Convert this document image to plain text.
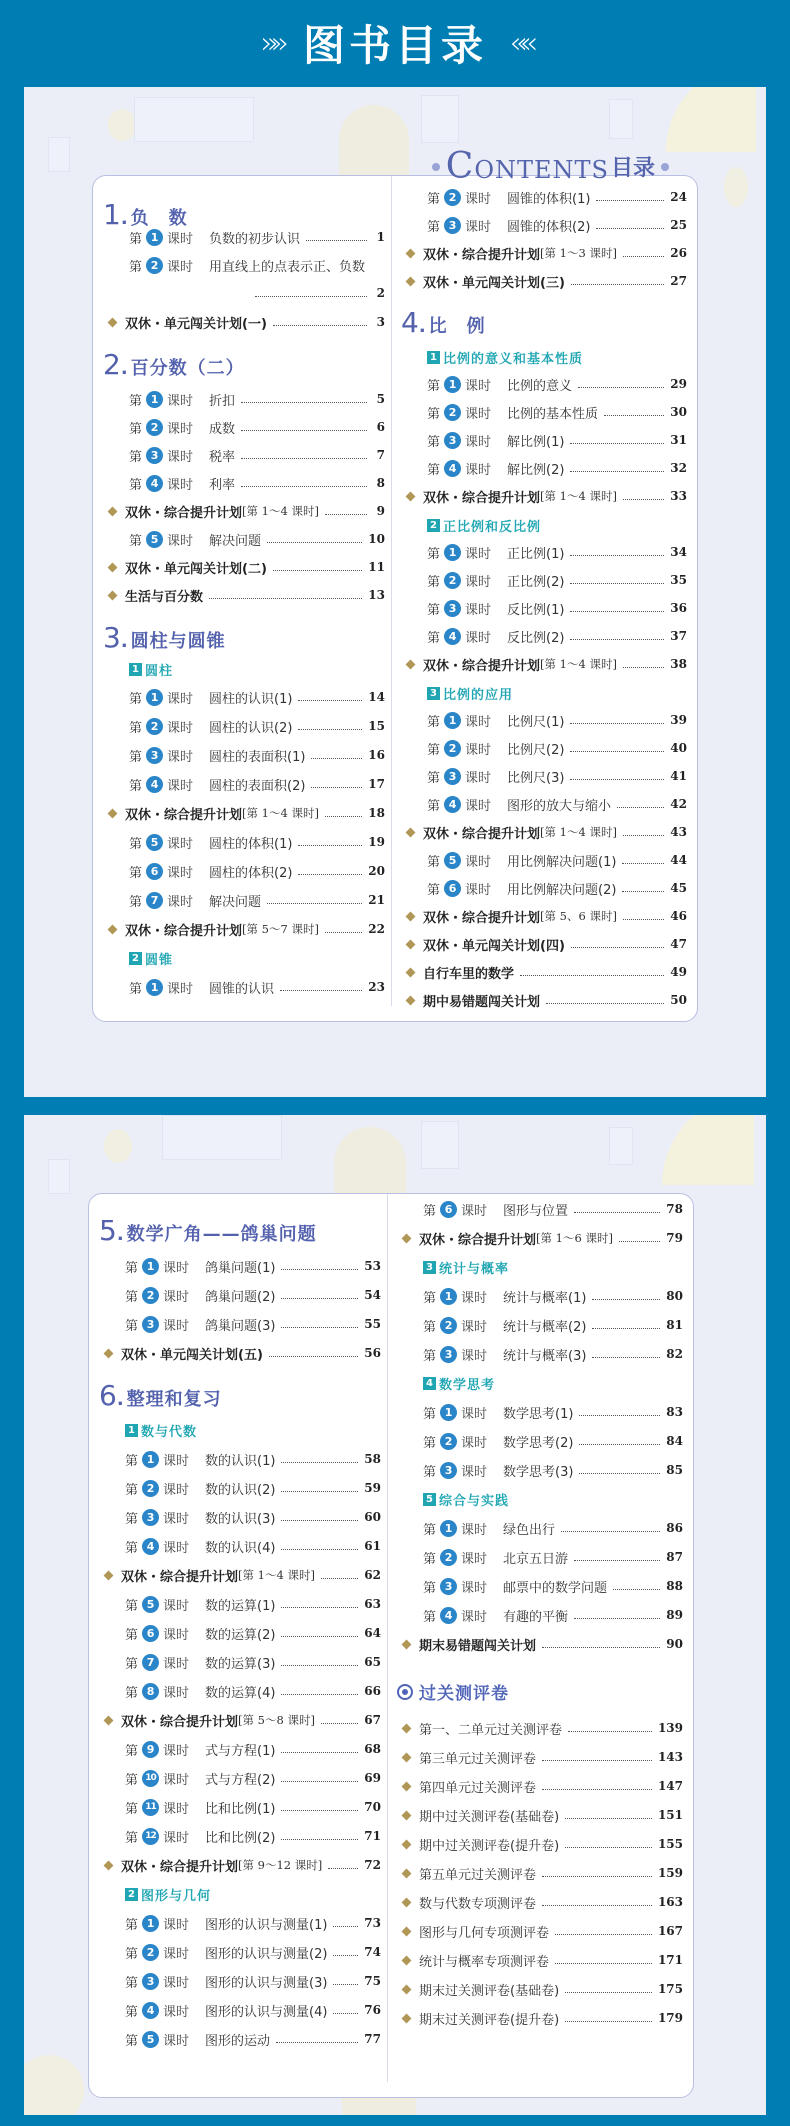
»» 图书目录 ««
CONTENTS 目录
1 . 负　数
第 1 课时 负数的初步认识	1
第 2 课时 用直线上的点表示正、负数
2
双休・单元闯关计划(一)	3
2 . 百分数（二）
第 1 课时 折扣	5
第 2 课时 成数	6
第 3 课时 税率	7
第 4 课时 利率	8
双休・综合提升计划 [第 1～4 课时]	9
第 5 课时 解决问题	10
双休・单元闯关计划(二)	11
生活与百分数	13
3 . 圆柱与圆锥
1 圆柱
第 1 课时 圆柱的认识(1)	14
第 2 课时 圆柱的认识(2)	15
第 3 课时 圆柱的表面积(1)	16
第 4 课时 圆柱的表面积(2)	17
双休・综合提升计划 [第 1～4 课时]	18
第 5 课时 圆柱的体积(1)	19
第 6 课时 圆柱的体积(2)	20
第 7 课时 解决问题	21
双休・综合提升计划 [第 5～7 课时]	22
2 圆锥
第 1 课时 圆锥的认识	23
第 2 课时 圆锥的体积(1)	24
第 3 课时 圆锥的体积(2)	25
双休・综合提升计划 [第 1～3 课时]	26
双休・单元闯关计划(三)	27
4 . 比　例
1 比例的意义和基本性质
第 1 课时 比例的意义	29
第 2 课时 比例的基本性质	30
第 3 课时 解比例(1)	31
第 4 课时 解比例(2)	32
双休・综合提升计划 [第 1～4 课时]	33
2 正比例和反比例
第 1 课时 正比例(1)	34
第 2 课时 正比例(2)	35
第 3 课时 反比例(1)	36
第 4 课时 反比例(2)	37
双休・综合提升计划 [第 1～4 课时]	38
3 比例的应用
第 1 课时 比例尺(1)	39
第 2 课时 比例尺(2)	40
第 3 课时 比例尺(3)	41
第 4 课时 图形的放大与缩小	42
双休・综合提升计划 [第 1～4 课时]	43
第 5 课时 用比例解决问题(1)	44
第 6 课时 用比例解决问题(2)	45
双休・综合提升计划 [第 5、6 课时]	46
双休・单元闯关计划(四)	47
自行车里的数学	49
期中易错题闯关计划	50
5 . 数学广角——鸽巢问题
第 1 课时 鸽巢问题(1)	53
第 2 课时 鸽巢问题(2)	54
第 3 课时 鸽巢问题(3)	55
双休・单元闯关计划(五)	56
6 . 整理和复习
1 数与代数
第 1 课时 数的认识(1)	58
第 2 课时 数的认识(2)	59
第 3 课时 数的认识(3)	60
第 4 课时 数的认识(4)	61
双休・综合提升计划 [第 1～4 课时]	62
第 5 课时 数的运算(1)	63
第 6 课时 数的运算(2)	64
第 7 课时 数的运算(3)	65
第 8 课时 数的运算(4)	66
双休・综合提升计划 [第 5～8 课时]	67
第 9 课时 式与方程(1)	68
第 10 课时 式与方程(2)	69
第 11 课时 比和比例(1)	70
第 12 课时 比和比例(2)	71
双休・综合提升计划 [第 9～12 课时]	72
2 图形与几何
第 1 课时 图形的认识与测量(1)	73
第 2 课时 图形的认识与测量(2)	74
第 3 课时 图形的认识与测量(3)	75
第 4 课时 图形的认识与测量(4)	76
第 5 课时 图形的运动	77
第 6 课时 图形与位置	78
双休・综合提升计划 [第 1～6 课时]	79
3 统计与概率
第 1 课时 统计与概率(1)	80
第 2 课时 统计与概率(2)	81
第 3 课时 统计与概率(3)	82
4 数学思考
第 1 课时 数学思考(1)	83
第 2 课时 数学思考(2)	84
第 3 课时 数学思考(3)	85
5 综合与实践
第 1 课时 绿色出行	86
第 2 课时 北京五日游	87
第 3 课时 邮票中的数学问题	88
第 4 课时 有趣的平衡	89
期末易错题闯关计划	90
过关测评卷
第一、二单元过关测评卷	139
第三单元过关测评卷	143
第四单元过关测评卷	147
期中过关测评卷(基础卷)	151
期中过关测评卷(提升卷)	155
第五单元过关测评卷	159
数与代数专项测评卷	163
图形与几何专项测评卷	167
统计与概率专项测评卷	171
期末过关测评卷(基础卷)	175
期末过关测评卷(提升卷)	179
